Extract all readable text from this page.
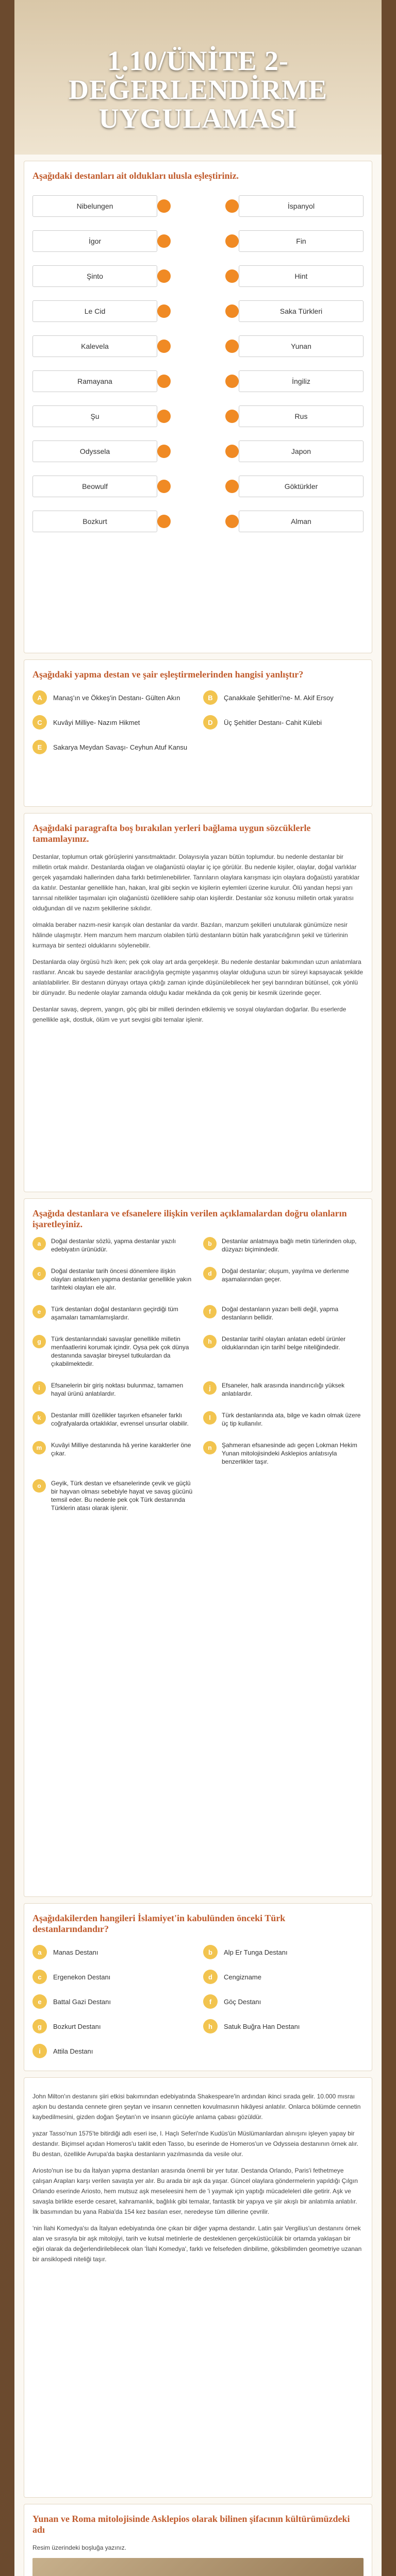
1.10/ÜNİTE 2-DEĞERLENDİRME UYGULAMASI
Aşağıdaki destanları ait oldukları ulusla eşleştiriniz.
Nibelungen	İspanyol
İgor	Fin
Şinto	Hint
Le Cid	Saka Türkleri
Kalevela	Yunan
Ramayana	İngiliz
Şu	Rus
Odyssela	Japon
Beowulf	Göktürkler
Bozkurt	Alman
Aşağıdaki yapma destan ve şair eşleştirmelerinden hangisi yanlıştır?
A	Manaş'ın ve Ökkeş'in Destanı- Gülten Akın	B	Çanakkale Şehitleri'ne- M. Akif Ersoy
C	Kuvâyi Milliye- Nazım Hikmet	D	Üç Şehitler Destanı- Cahit Külebi
E	Sakarya Meydan Savaşı- Ceyhun Atuf Kansu
Aşağıdaki paragrafta boş bırakılan yerleri bağlama uygun sözcüklerle tamamlayınız.

Destanlar, toplumun ortak görüşlerini yansıtmaktadır. Dolayısıyla yazarı bütün toplumdur. bu nedenle destanlar bir milletin ortak malıdır. Destanlarda olağan ve olağanüstü olaylar iç içe görülür. Bu nedenle kişiler, olaylar, doğal varlıklar gerçek yaşamdaki hallerinden daha farklı betimlenebilirler. Tanrıların olaylara karışması için olaylara doğaüstü yaratıklar da katılır. Destanlar genellikle han, hakan, kral gibi seçkin ve kişilerin eylemleri üzerine kurulur. Ölü yandan hepsi yarı tanrısal nitelikler taşımaları için olağanüstü özelliklere sahip olan kişilerdir. Destanlar söz konusu milletin ortak yaratısı olduğundan dil ve nazım şekillerine sıkılıdır.

olmakla beraber nazım-nesir karışık olan destanlar da vardır. Bazıları, manzum şekilleri unutularak günümüze nesir hâlinde ulaşmıştır. Hem manzum hem manzum olabilen türlü destanların bütün halk yaratıcılığının şekil ve türlerinin kurmaya bir sentezi olduklarını söylenebilir.

Destanlarda olay örgüsü hızlı iken; pek çok olay art arda gerçekleşir. Bu nedenle destanlar bakımından uzun anlatımlara rastlanır. Ancak bu sayede destanlar aracılığıyla geçmişte yaşanmış olaylar olduğuna uzun bir süreyi kapsayacak şekilde anlatılabilirler. Bir destanın dünyayı ortaya çıktığı zaman içinde düşünülebilecek her şeyi barındıran bütünsel, çok yönlü bir dünyadır. Bu nedenle olaylar zamanda olduğu kadar mekânda da çok geniş bir kesmik üzerinde geçer.

Destanlar savaş, deprem, yangın, göç gibi bir milleti derinden etkilemiş ve sosyal olaylardan doğarlar. Bu eserlerde genellikle aşk, dostluk, ölüm ve yurt sevgisi gibi temalar işlenir.

Aşağıda destanlara ve efsanelere ilişkin verilen açıklamalardan doğru olanların işaretleyiniz.
a	Doğal destanlar sözlü, yapma destanlar yazılı edebiyatın ürünüdür.
b	Destanlar anlatmaya bağlı metin türlerinden olup, düzyazı biçimindedir.
c	Doğal destanlar tarih öncesi dönemlere ilişkin olayları anlatırken yapma destanlar genellikle yakın tarihteki olayları ele alır.
d	Doğal destanlar; oluşum, yayılma ve derlenme aşamalarından geçer.
e	Türk destanları doğal destanların geçirdiği tüm aşamaları tamamlamışlardır.
f	Doğal destanların yazarı belli değil, yapma destanların bellidir.
g	Türk destanlarındaki savaşlar genellikle milletin menfaatlerini korumak içindir. Oysa pek çok dünya destanında savaşlar bireysel tutkulardan da çıkabilmektedir.
h	Destanlar tarihî olayları anlatan edebî ürünler olduklarından için tarihî belge niteliğindedir.
i	Efsanelerin bir giriş noktası bulunmaz, tamamen hayal ürünü anlatılardır.
j	Efsaneler, halk arasında inandırıcılığı yüksek anlatılardır.
k	Destanlar millî özellikler taşırken efsaneler farklı coğrafyalarda ortaklıklar, evrensel unsurlar olabilir.
l	Türk destanlarında ata, bilge ve kadın olmak üzere üç tip kullanılır.
m	Kuvâyi Milliye destanında hâ yerine karakterler öne çıkar.
n	Şahmeran efsanesinde adı geçen Lokman Hekim Yunan mitolojisindeki Asklepios anlatısıyla benzerlikler taşır.
o	Geyik, Türk destan ve efsanelerinde çevik ve güçlü bir hayvan olması sebebiyle hayat ve savaş gücünü temsil eder. Bu nedenle pek çok Türk destanında Türklerin atası olarak işlenir.
Aşağıdakilerden hangileri İslamiyet'in kabulünden önceki Türk destanlarındandır?
a	Manas Destanı	b	Alp Er Tunga Destanı
c	Ergenekon Destanı	d	Cengizname
e	Battal Gazi Destanı	f	Göç Destanı
g	Bozkurt Destanı	h	Satuk Buğra Han Destanı
i	Attila Destanı

John Milton'ın destanını şiiri etkisi bakımından edebiyatında Shakespeare'in ardından ikinci sırada gelir. 10.000 mısraı aşkın bu destanda cennete giren şeytan ve insanın cennetten kovulmasının hikâyesi anlatılır. Onlarca bölümde cennetin kaybedilmesini, gizden doğan Şeytan'ın ve insanın gücüyle anlama çabası gözüldür.

yazar Tasso'nun 1575'te bitirdiği adlı eseri ise, I. Haçlı Seferi'nde Kudüs'ün Müslümanlardan alınışını işleyen yapay bir destandır. Biçimsel açıdan Homeros'u taklit eden Tasso, bu eserinde de Homeros'un ve Odysseia destanının örnek alır. Bu destan, özellikle Avrupa'da başka destanların yazılmasında da vesile olur.

Ariosto'nun ise bu da İtalyan yapma destanları arasında önemli bir yer tutar. Destanda Orlando, Paris'i fethetmeye çalışan Arapları karşı verilen savaşta yer alır. Bu arada bir aşk da yaşar. Güncel olaylara göndermelerin yapıldığı Çılgın Orlando eserinde Ariosto, hem mutsuz aşk meseleesini hem de 'i yaymak için yaptığı mücadeleleri dile getirir. Aşk ve savaşla birlikte eserde cesaret, kahramanlık, bağlılık gibi temalar, fantastik bir yapıya ve şiir akışlı bir anlatımla anlatılır. İlk basımından bu yana Rabia'da 154 kez basılan eser, neredeyse tüm dillerine çevrilir.

'nin İlahi Komedya'sı da İtalyan edebiyatında öne çıkan bir diğer yapma destandır. Latin şair Vergilius'un destanını örnek alan ve sırasıyla bir aşk mitolojiyi, tarih ve kutsal metinlerle de desteklenen gerçeküstücülük bir ortamda yaklaşan bir eğiri olarak da değerlendirilebilecek olan 'İlahi Komedya', farklı ve felsefeden dinbilime, göksbilimden geometriye uzanan bir ansiklopedi niteliği taşır.

Yunan ve Roma mitolojisinde Asklepios olarak bilinen şifacının kültürümüzdeki adı
Resim üzerindeki boşluğa yazınız.
